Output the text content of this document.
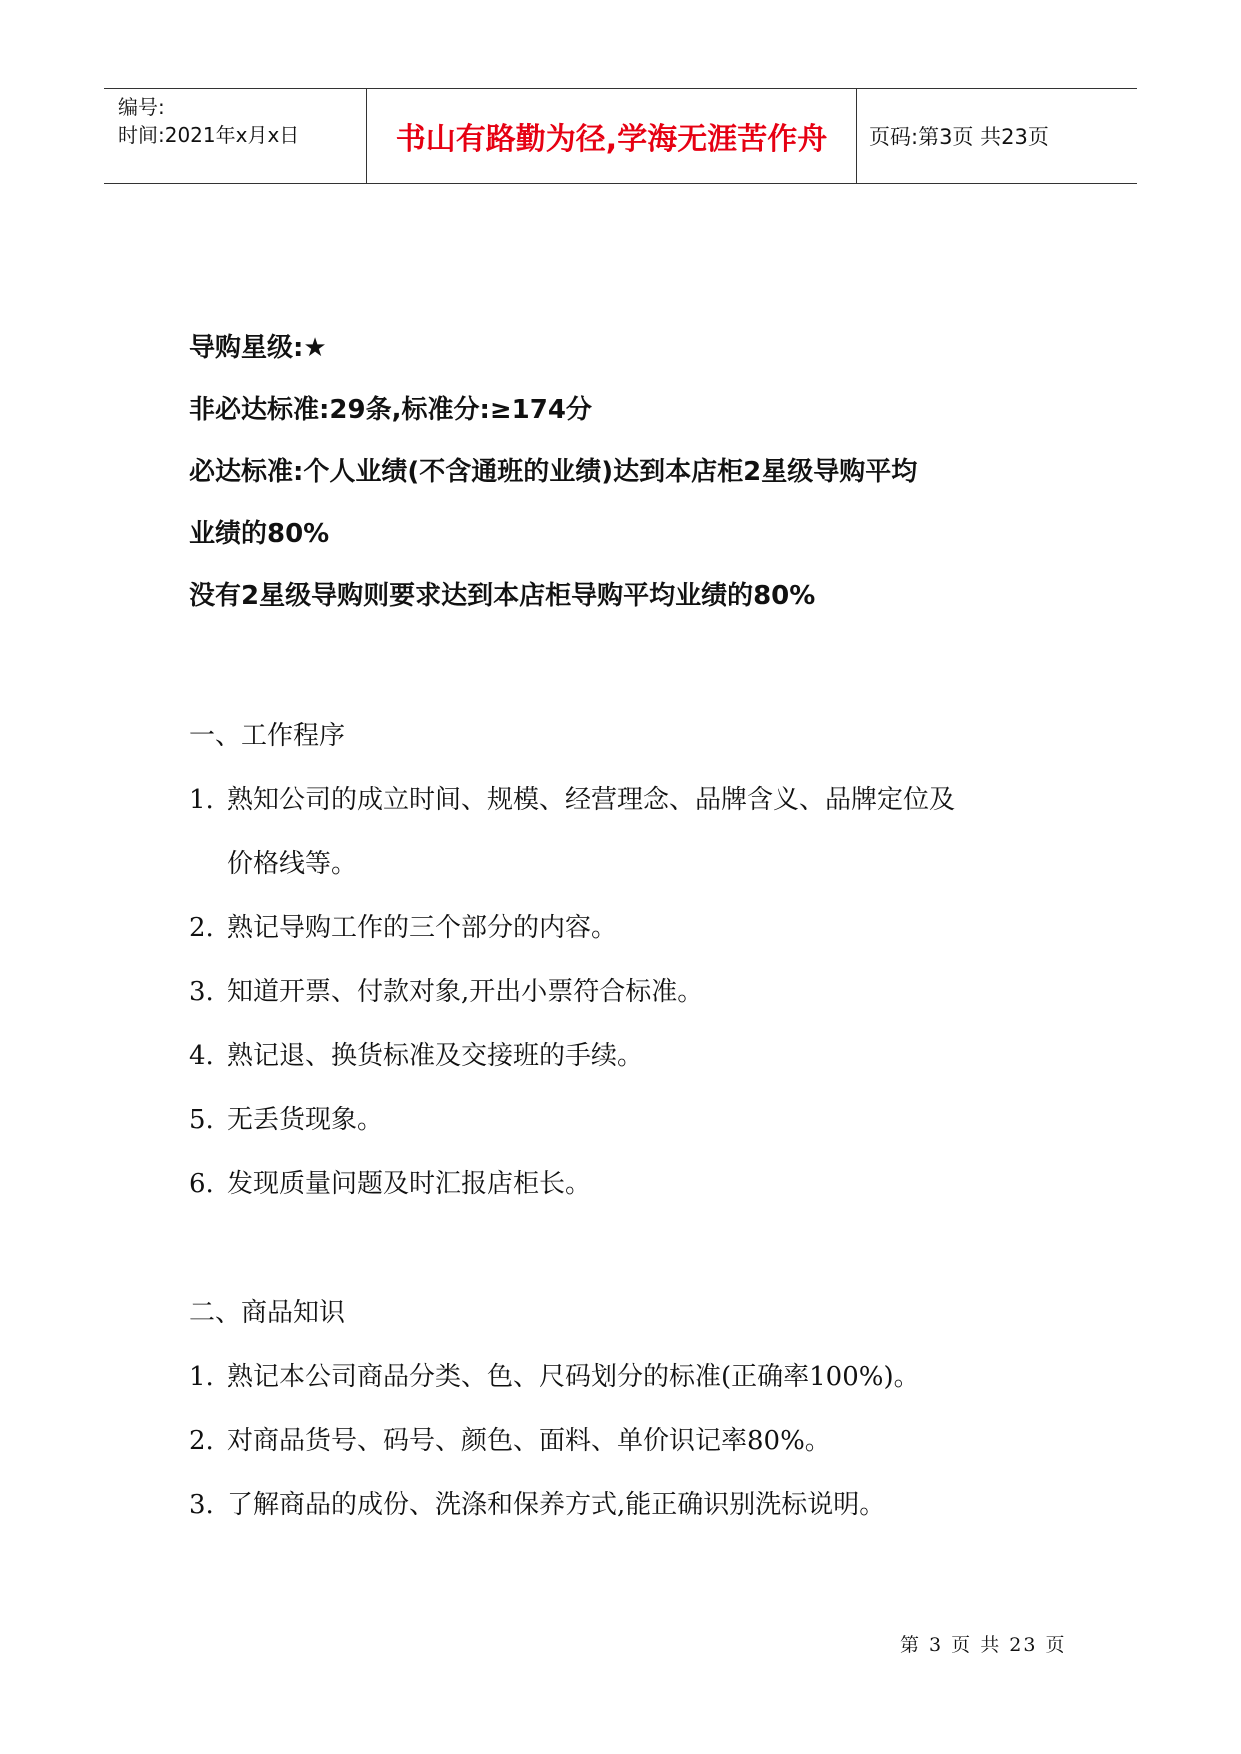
编号:
时间:2021年x月x日	书山有路勤为径,学海无涯苦作舟	页码:第3页 共23页
导购星级:★
非必达标准:29条,标准分:≥174分
必达标准:个人业绩(不含通班的业绩)达到本店柜2星级导购平均
业绩的80%
没有2星级导购则要求达到本店柜导购平均业绩的80%
一、工作程序
1. 熟知公司的成立时间、规模、经营理念、品牌含义、品牌定位及
价格线等。
2. 熟记导购工作的三个部分的内容。
3. 知道开票、付款对象,开出小票符合标准。
4. 熟记退、换货标准及交接班的手续。
5. 无丢货现象。
6. 发现质量问题及时汇报店柜长。
二、商品知识
1. 熟记本公司商品分类、色、尺码划分的标准(正确率100%)。
2. 对商品货号、码号、颜色、面料、单价识记率80%。
3. 了解商品的成份、洗涤和保养方式,能正确识别洗标说明。
第 3 页 共 23 页
